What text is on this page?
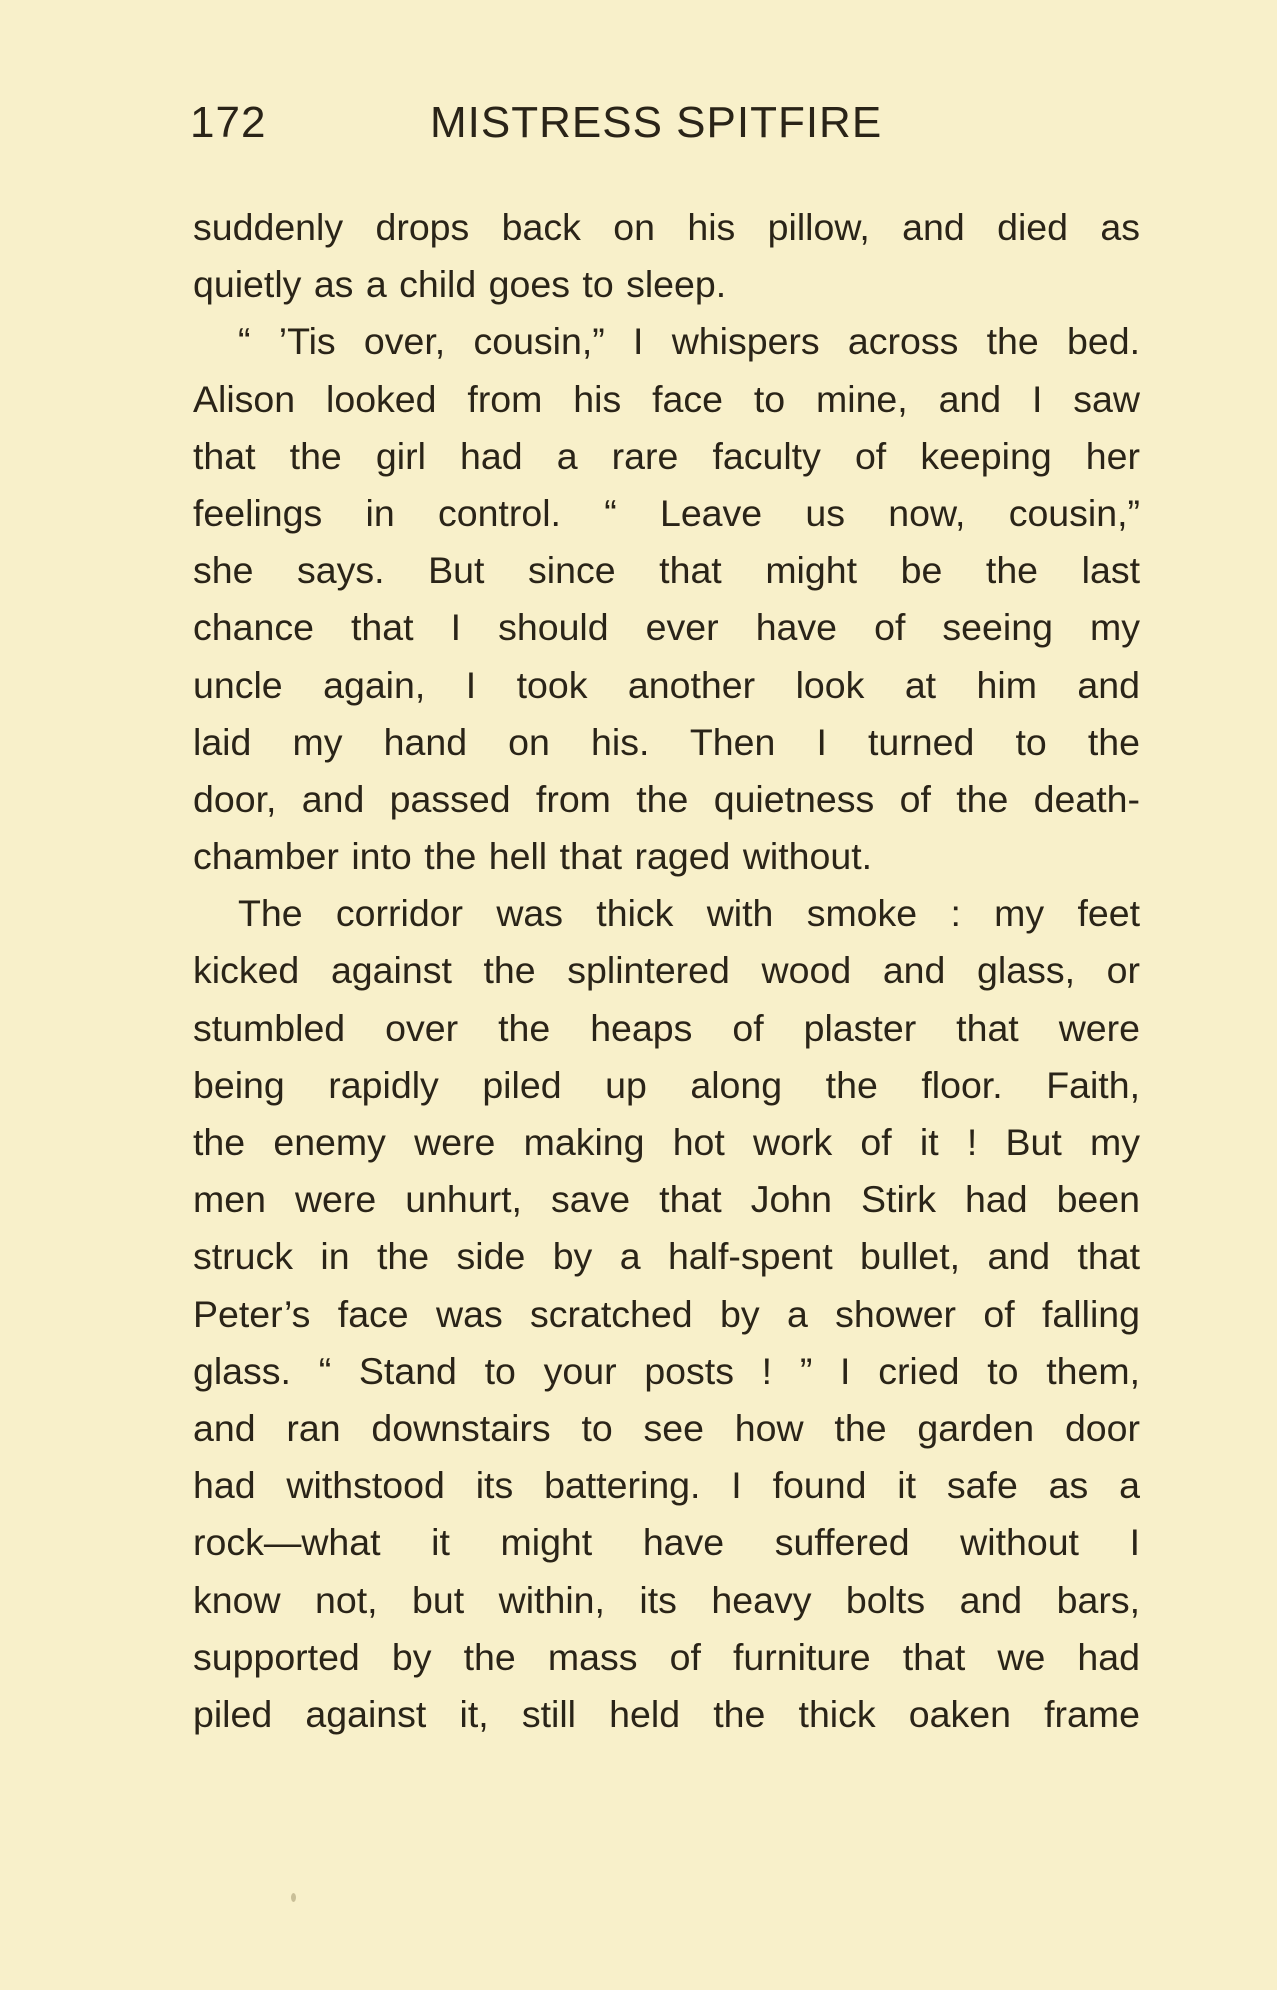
172	MISTRESS SPITFIRE
suddenly drops back on his pillow, and died as
quietly as a child goes to sleep.
“ ’Tis over, cousin,” I whispers across the bed.
Alison looked from his face to mine, and I saw
that the girl had a rare faculty of keeping her
feelings in control. “ Leave us now, cousin,”
she says. But since that might be the last
chance that I should ever have of seeing my
uncle again, I took another look at him and
laid my hand on his. Then I turned to the
door, and passed from the quietness of the death-
chamber into the hell that raged without.
The corridor was thick with smoke : my feet
kicked against the splintered wood and glass, or
stumbled over the heaps of plaster that were
being rapidly piled up along the floor. Faith,
the enemy were making hot work of it ! But my
men were unhurt, save that John Stirk had been
struck in the side by a half-spent bullet, and that
Peter’s face was scratched by a shower of falling
glass. “ Stand to your posts ! ” I cried to them,
and ran downstairs to see how the garden door
had withstood its battering. I found it safe as a
rock—what it might have suffered without I
know not, but within, its heavy bolts and bars,
supported by the mass of furniture that we had
piled against it, still held the thick oaken frame
